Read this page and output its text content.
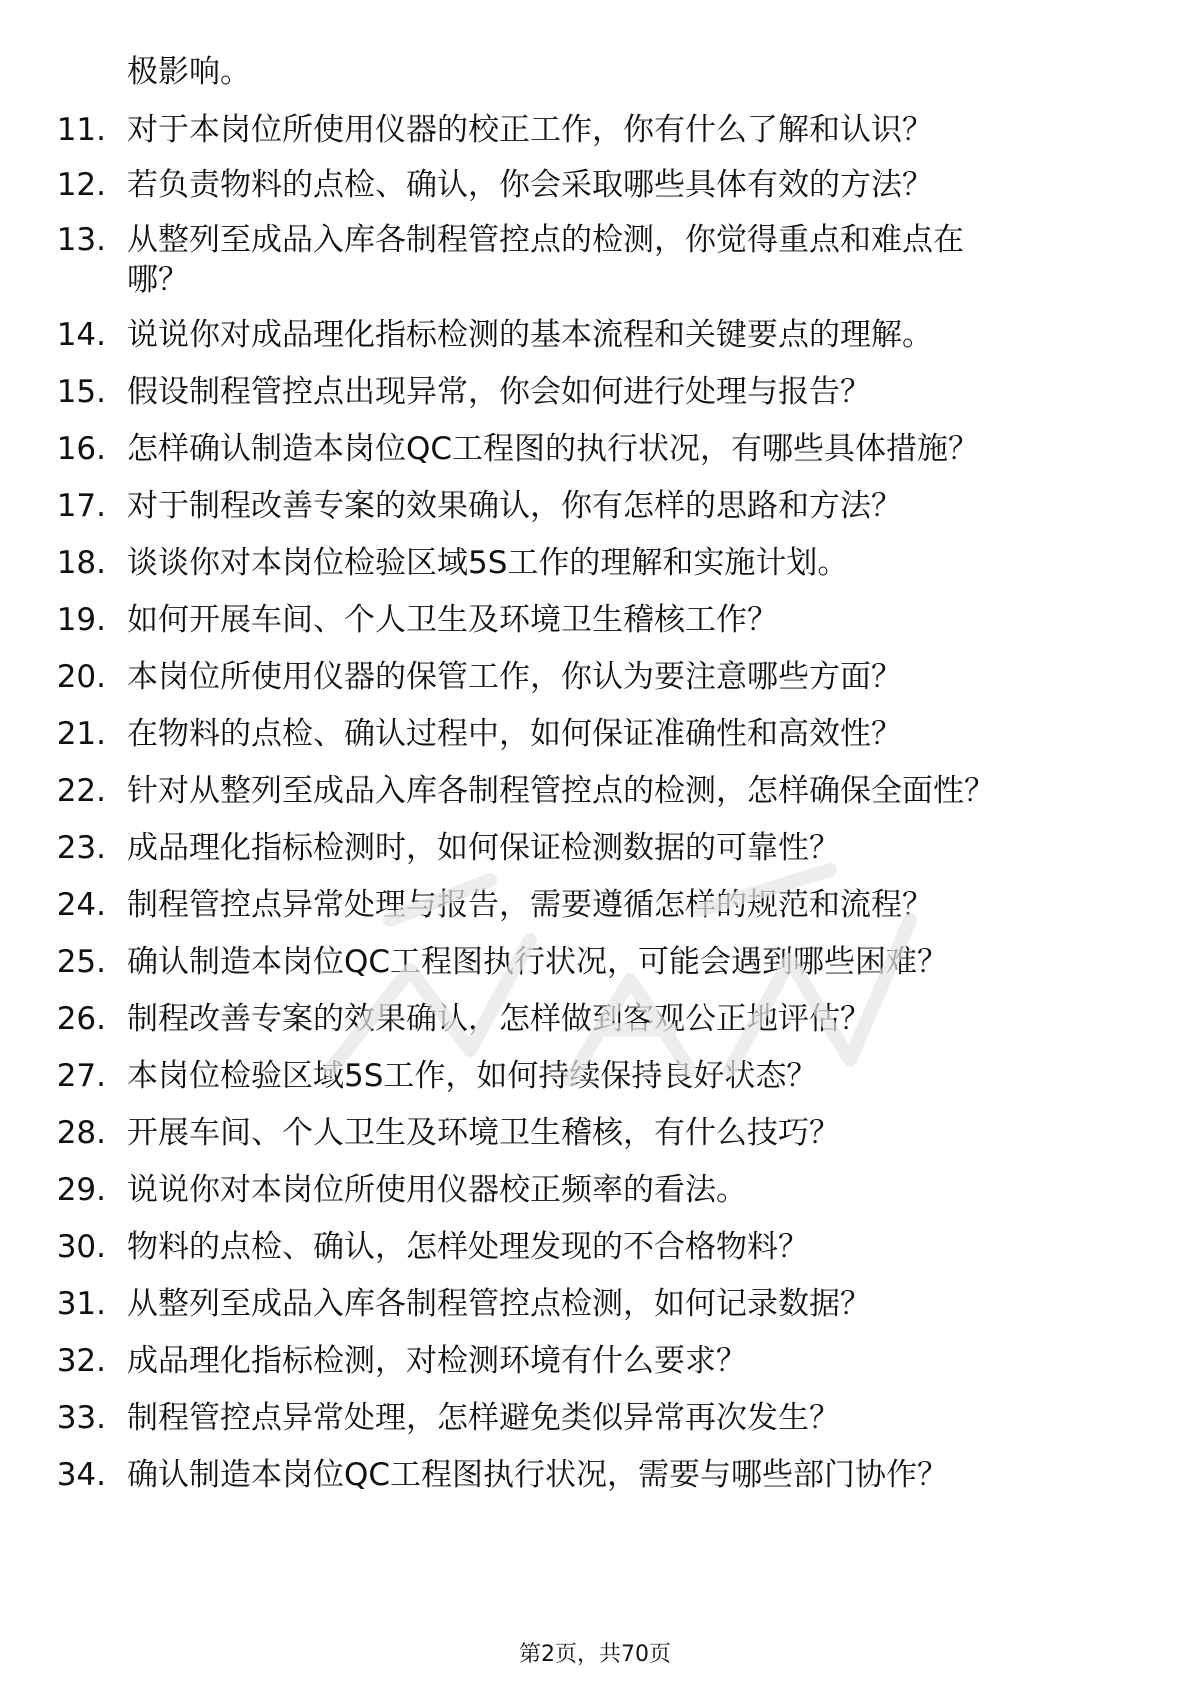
极影响。
11. 对于本岗位所使用仪器的校正工作，你有什么了解和认识？
12. 若负责物料的点检、确认，你会采取哪些具体有效的方法？
13. 从整列至成品入库各制程管控点的检测，你觉得重点和难点在哪？
14. 说说你对成品理化指标检测的基本流程和关键要点的理解。
15. 假设制程管控点出现异常，你会如何进行处理与报告？
16. 怎样确认制造本岗位QC工程图的执行状况，有哪些具体措施？
17. 对于制程改善专案的效果确认，你有怎样的思路和方法？
18. 谈谈你对本岗位检验区域5S工作的理解和实施计划。
19. 如何开展车间、个人卫生及环境卫生稽核工作？
20. 本岗位所使用仪器的保管工作，你认为要注意哪些方面？
21. 在物料的点检、确认过程中，如何保证准确性和高效性？
22. 针对从整列至成品入库各制程管控点的检测，怎样确保全面性？
23. 成品理化指标检测时，如何保证检测数据的可靠性？
24. 制程管控点异常处理与报告，需要遵循怎样的规范和流程？
25. 确认制造本岗位QC工程图执行状况，可能会遇到哪些困难？
26. 制程改善专案的效果确认，怎样做到客观公正地评估？
27. 本岗位检验区域5S工作，如何持续保持良好状态？
28. 开展车间、个人卫生及环境卫生稽核，有什么技巧？
29. 说说你对本岗位所使用仪器校正频率的看法。
30. 物料的点检、确认，怎样处理发现的不合格物料？
31. 从整列至成品入库各制程管控点检测，如何记录数据？
32. 成品理化指标检测，对检测环境有什么要求？
33. 制程管控点异常处理，怎样避免类似异常再次发生？
34. 确认制造本岗位QC工程图执行状况，需要与哪些部门协作？
第2页，共70页
